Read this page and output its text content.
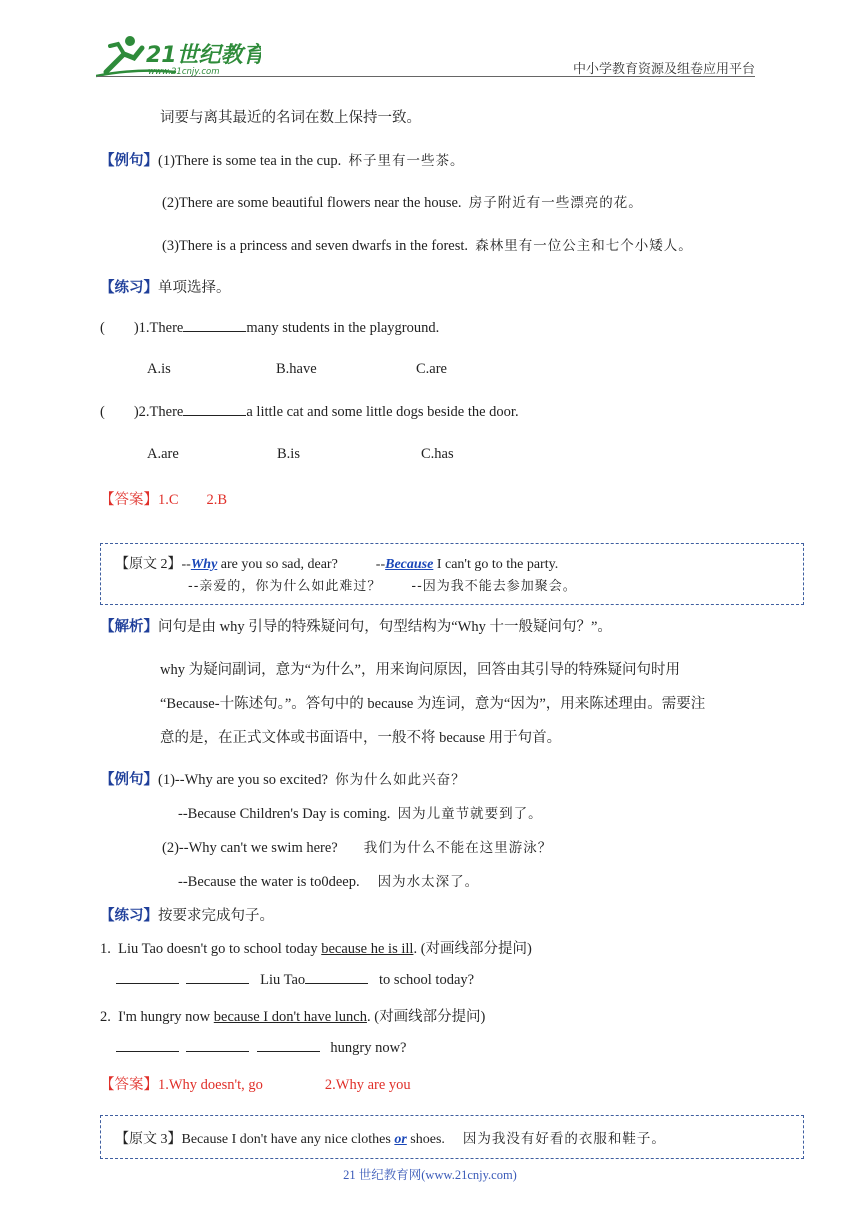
21世纪教育
www.21cnjy.com	中小学教育资源及组卷应用平台
词要与离其最近的名词在数上保持一致。
【例句】(1)There is some tea in the cup. 杯子里有一些茶。
(2)There are some beautiful flowers near the house. 房子附近有一些漂亮的花。
(3)There is a princess and seven dwarfs in the forest. 森林里有一位公主和七个小矮人。
【练习】单项选择。
(        )1.There	many students in the playground.
A.is	B.have	C.are
(        )2.There	a little cat and some little dogs beside the door.
A.are	B.is	C.has
【答案】1.C 2.B
【原文 2】--Why are you so sad, dear?	--Because I can't go to the party.
--亲爱的，你为什么如此难过？ --因为我不能去参加聚会。
【解析】问句是由 why 引导的特殊疑问句，句型结构为“Why 十一般疑问句？”。
why 为疑问副词，意为“为什么”，用来询问原因，回答由其引导的特殊疑问句时用
“Because-十陈述句。”。答句中的 because 为连词，意为“因为”，用来陈述理由。需要注
意的是，在正式文体或书面语中，一般不将 because 用于句首。
【例句】(1)--Why are you so excited? 你为什么如此兴奋？
--Because Children's Day is coming. 因为儿童节就要到了。
(2)--Why can't we swim here? 我们为什么不能在这里游泳？
--Because the water is to0deep. 因为水太深了。
【练习】按要求完成句子。
1.  Liu Tao doesn't go to school today because he is ill. (对画线部分提问)
Liu Tao	to school today?
2.  I'm hungry now because I don't have lunch. (对画线部分提问)
hungry now?
【答案】1.Why doesn't, go	2.Why are you
【原文 3】Because I don't have any nice clothes or shoes. 因为我没有好看的衣服和鞋子。
21 世纪教育网(www.21cnjy.com)
